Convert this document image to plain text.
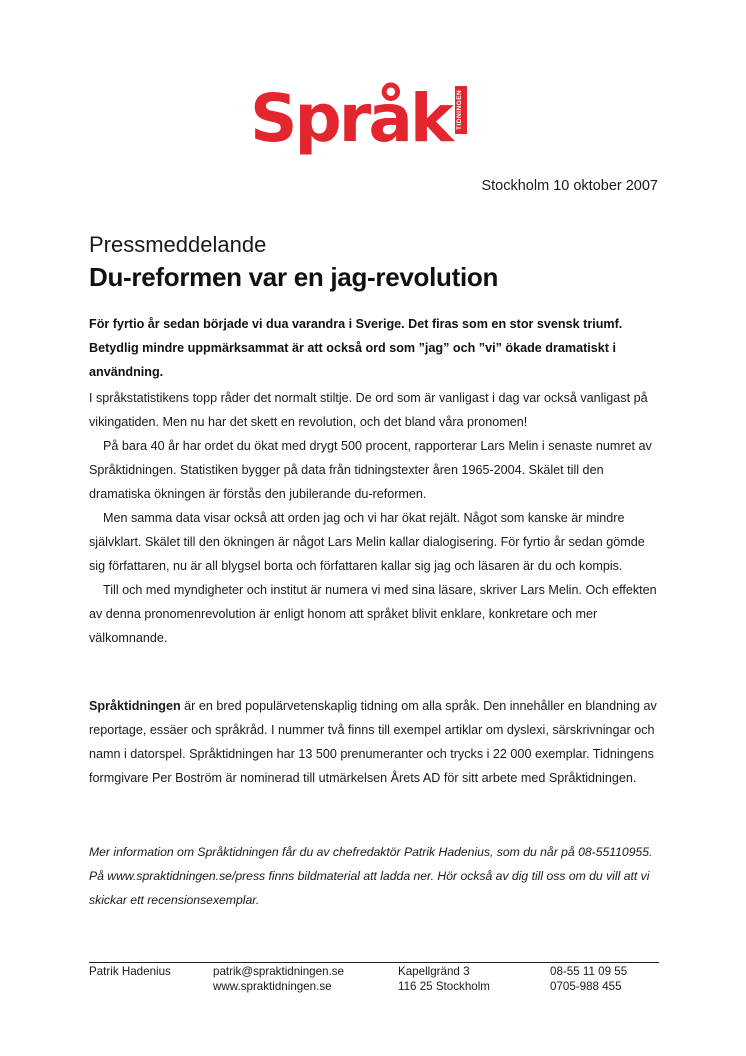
Språk TIDNINGEN
Stockholm 10 oktober 2007
Pressmeddelande
Du-reformen var en jag-revolution
För fyrtio år sedan började vi dua varandra i Sverige. Det firas som en stor svensk triumf. Betydlig mindre uppmärksammat är att också ord som ”jag” och ”vi” ökade dramatiskt i användning.

I språkstatistikens topp råder det normalt stiltje. De ord som är vanligast i dag var också vanligast på vikingatiden. Men nu har det skett en revolution, och det bland våra pronomen!

På bara 40 år har ordet du ökat med drygt 500 procent, rapporterar Lars Melin i senaste numret av Språktidningen. Statistiken bygger på data från tidningstexter åren 1965-2004. Skälet till den dramatiska ökningen är förstås den jubilerande du-reformen.

Men samma data visar också att orden jag och vi har ökat rejält. Något som kanske är mindre självklart. Skälet till den ökningen är något Lars Melin kallar dialogisering. För fyrtio år sedan gömde sig författaren, nu är all blygsel borta och författaren kallar sig jag och läsaren är du och kompis.

Till och med myndigheter och institut är numera vi med sina läsare, skriver Lars Melin. Och effekten av denna pronomenrevolution är enligt honom att språket blivit enklare, konkretare och mer välkomnande.

Språktidningen är en bred populärvetenskaplig tidning om alla språk. Den innehåller en blandning av reportage, essäer och språkråd. I nummer två finns till exempel artiklar om dyslexi, särskrivningar och namn i datorspel. Språktidningen har 13 500 prenumeranter och trycks i 22 000 exemplar. Tidningens formgivare Per Boström är nominerad till utmärkelsen Årets AD för sitt arbete med Språktidningen.
Mer information om Språktidningen får du av chefredaktör Patrik Hadenius, som du når på 08-55110955. På www.spraktidningen.se/press finns bildmaterial att ladda ner. Hör också av dig till oss om du vill att vi skickar ett recensionsexemplar.
Patrik Hadenius	patrik@spraktidningen.se
www.spraktidningen.se
Kapellgränd 3
116 25 Stockholm
08-55 11 09 55
0705-988 455
